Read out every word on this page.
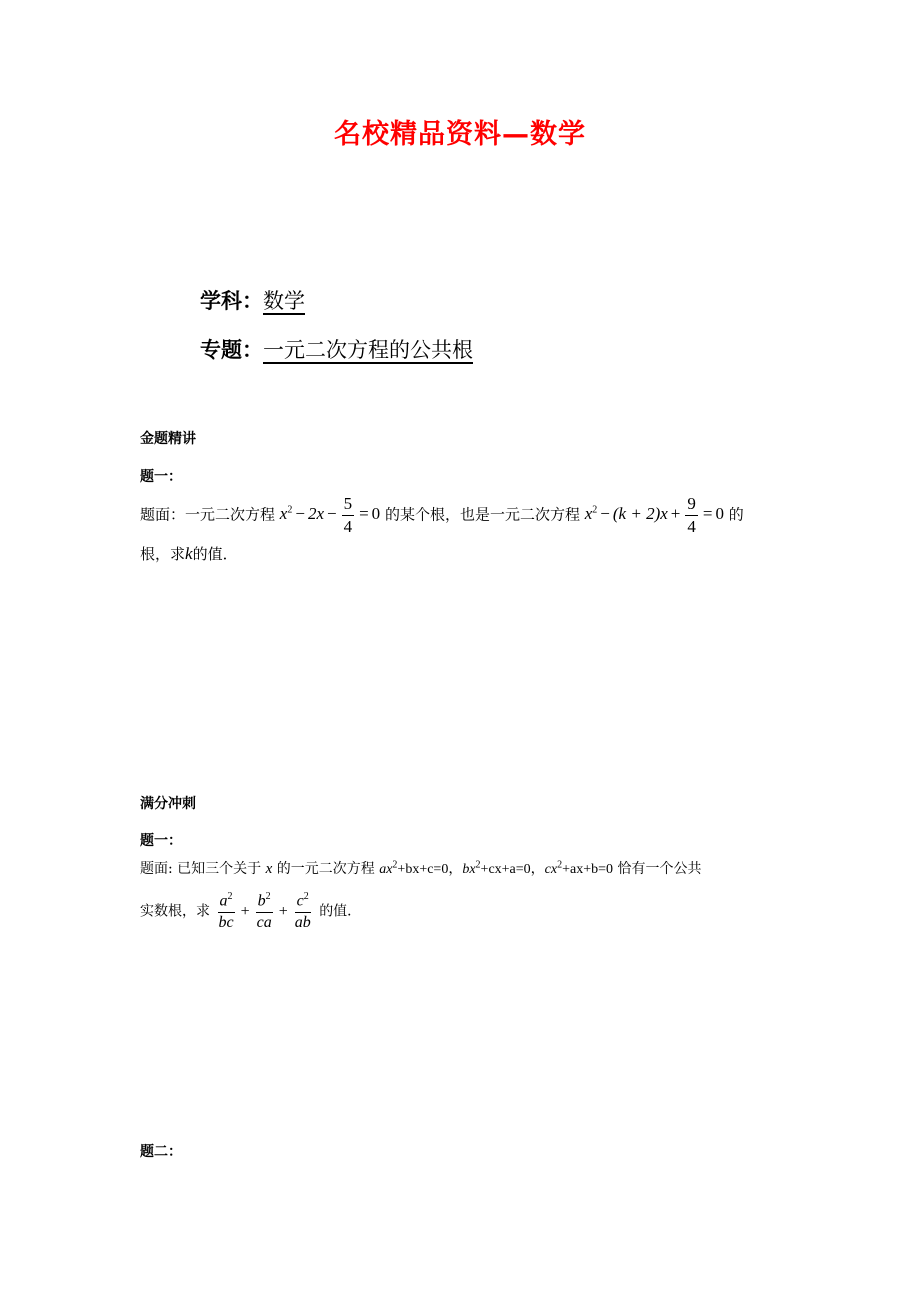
名校精品资料—数学
学科：数学
专题：一元二次方程的公共根
金题精讲
题一：
题面：一元二次方程 $x^2 - 2x - \frac{5}{4} = 0$ 的某个根，也是一元二次方程 $x^2 - (k + 2)x + \frac{9}{4} = 0$ 的
根，求k的值．
满分冲刺
题一：
题面: 已知三个关于 x 的一元二次方程 $ax^2+bx+c=0$，$bx^2+cx+a=0$，$cx^2+ax+b=0$ 恰有一个公共
实数根，求 $\frac{a^2}{bc} + \frac{b^2}{ca} + \frac{c^2}{ab}$ 的值．
题二：
